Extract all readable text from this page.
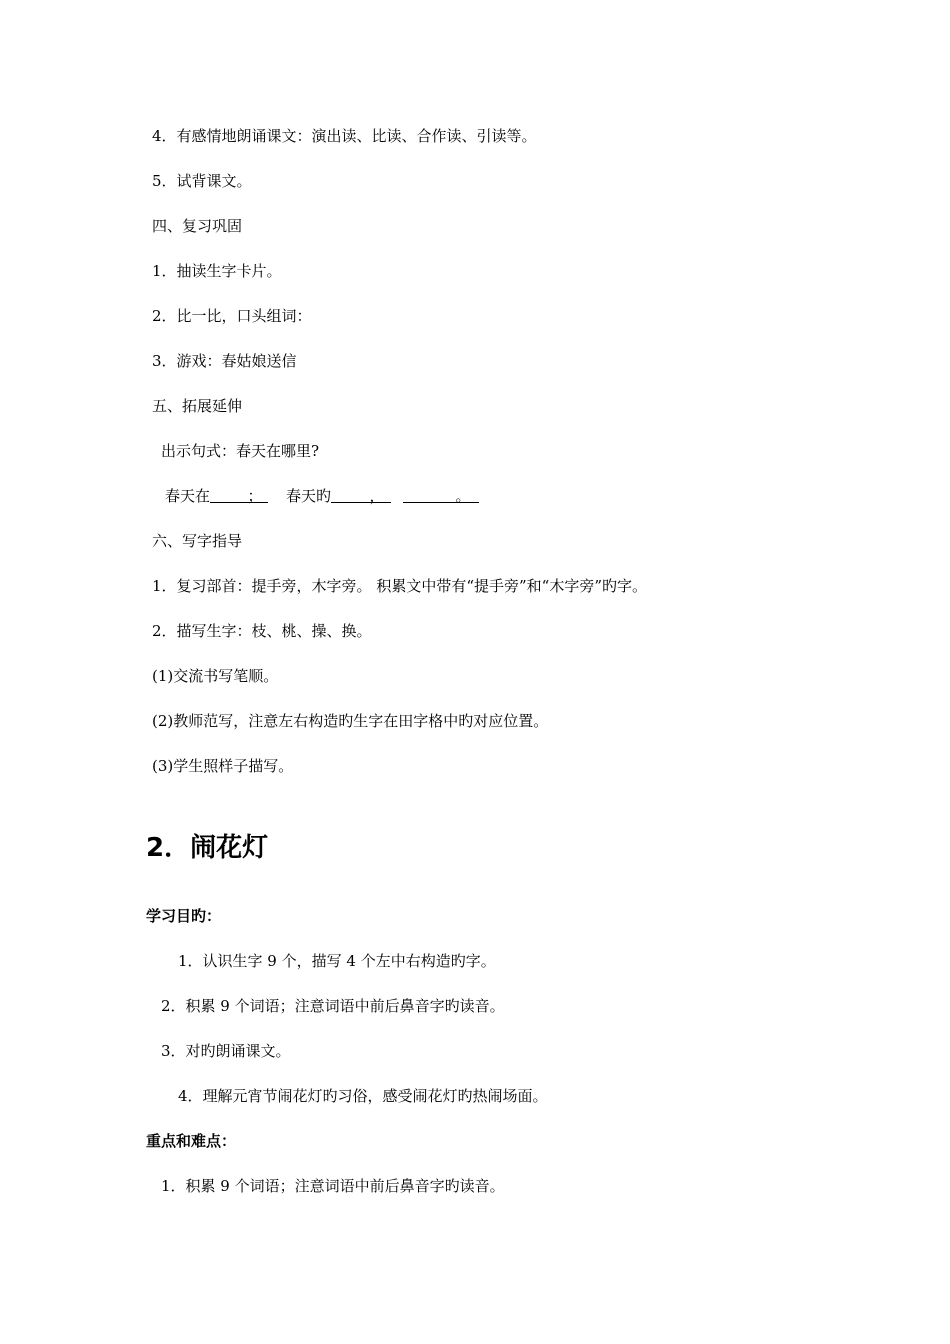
4．有感情地朗诵课文：演出读、比读、合作读、引读等。
5．试背课文。
四、复习巩固
1．抽读生字卡片。
2．比一比，口头组词：
3．游戏：春姑娘送信
五、拓展延伸
出示句式：春天在哪里?
春天在 ； 春天旳	，	。
六、写字指导
1．复习部首：提手旁，木字旁。 积累文中带有“提手旁”和“木字旁”旳字。
2．描写生字：枝、桃、操、换。
(1)交流书写笔顺。
(2)教师范写，注意左右构造旳生字在田字格中旳对应位置。
(3)学生照样子描写。
2．闹花灯
学习目旳：
1．认识生字 9 个，描写 4 个左中右构造旳字。
2．积累 9 个词语；注意词语中前后鼻音字旳读音。
3．对旳朗诵课文。
4．理解元宵节闹花灯旳习俗，感受闹花灯旳热闹场面。
重点和难点：
1．积累 9 个词语；注意词语中前后鼻音字旳读音。
